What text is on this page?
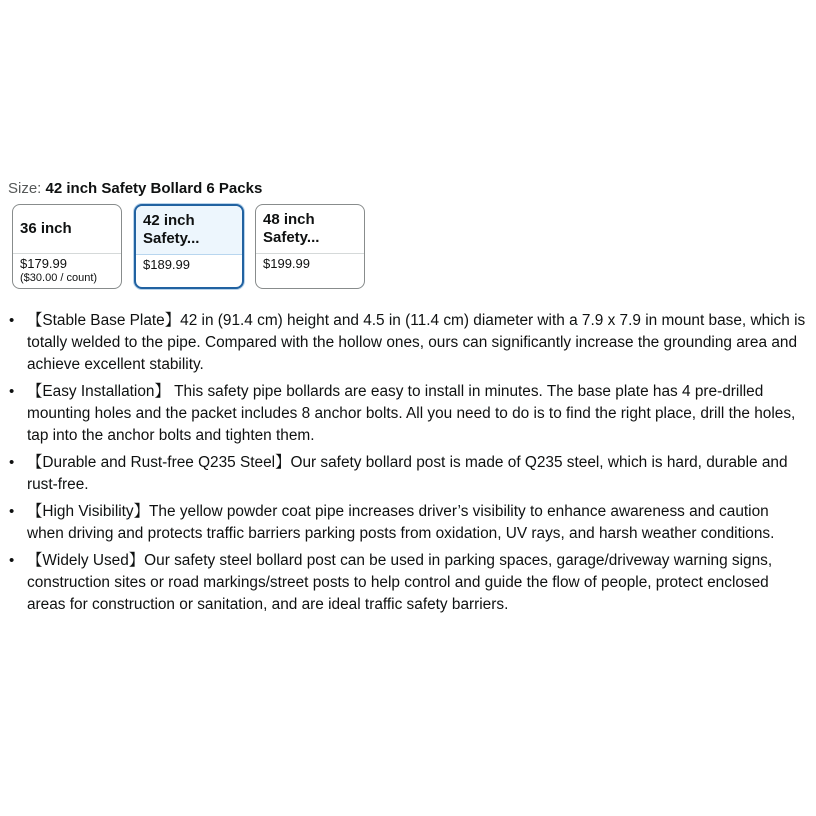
Size: 42 inch Safety Bollard 6 Packs
36 inch
$179.99
($30.00 / count)
42 inch
Safety...
$189.99
48 inch
Safety...
$199.99
• 【Stable Base Plate】42 in (91.4 cm) height and 4.5 in (11.4 cm) diameter with a 7.9 x 7.9 in mount base, which is totally welded to the pipe. Compared with the hollow ones, ours can significantly increase the grounding area and achieve excellent stability.
• 【Easy Installation】 This safety pipe bollards are easy to install in minutes. The base plate has 4 pre-drilled mounting holes and the packet includes 8 anchor bolts. All you need to do is to find the right place, drill the holes, tap into the anchor bolts and tighten them.
• 【Durable and Rust-free Q235 Steel】Our safety bollard post is made of Q235 steel, which is hard, durable and rust-free.
• 【High Visibility】The yellow powder coat pipe increases driver’s visibility to enhance awareness and caution when driving and protects traffic barriers parking posts from oxidation, UV rays, and harsh weather conditions.
• 【Widely Used】Our safety steel bollard post can be used in parking spaces, garage/driveway warning signs, construction sites or road markings/street posts to help control and guide the flow of people, protect enclosed areas for construction or sanitation, and are ideal traffic safety barriers.
